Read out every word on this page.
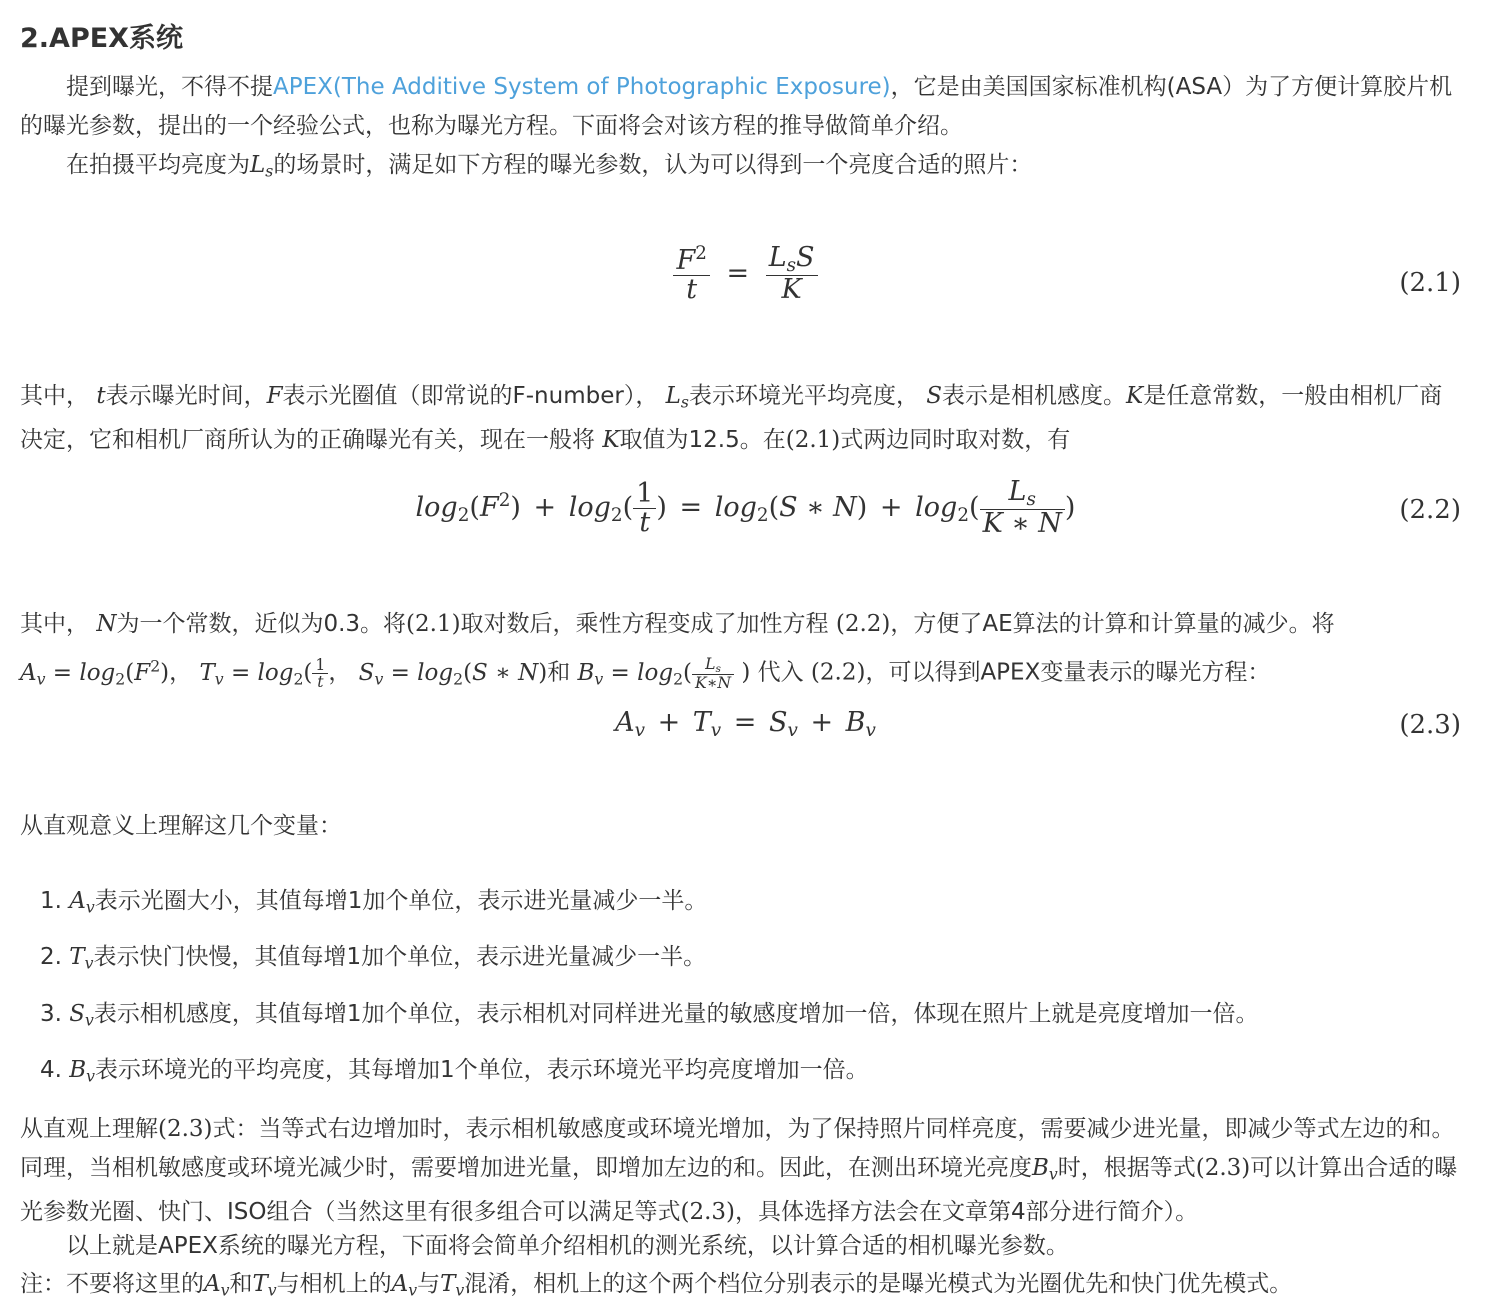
2.APEX系统

提到曝光，不得不提APEX(The Additive System of Photographic Exposure)，它是由美国国家标准机构(ASA）为了方便计算胶片机的曝光参数，提出的一个经验公式，也称为曝光方程。下面将会对该方程的推导做简单介绍。

在拍摄平均亮度为$L_s$的场景时，满足如下方程的曝光参数，认为可以得到一个亮度合适的照片：

$\frac{F^2}{t} = \frac{L_sS}{K}$	(2.1)

其中， t表示曝光时间，F表示光圈值（即常说的F-number）， $L_s$表示环境光平均亮度， S表示是相机感度。K是任意常数，一般由相机厂商决定，它和相机厂商所认为的正确曝光有关，现在一般将 K取值为12.5。在(2.1)式两边同时取对数，有

$\log 2(F^2) + \log 2( \frac{1}{t}$ ) = log2(S ∗ $N) + \log 2( \frac{L_s}{K ∗ N}$ )	(2.2)

其中， N为一个常数，近似为0.3。将(2.1)取对数后，乘性方程变成了加性方程 (2.2)，方便了AE算法的计算和计算量的减少。将
$A_v = \log 2(F^2)$， $T_v = \log 2( \frac{1}{t}$ ， $S_v = \log 2(S$ ∗ N)和 $B_v = \log 2( \frac{L_s}{K∗N}$ ) 代入 (2.2)，可以得到APEX变量表示的曝光方程：

$A_v + T_v = S_v + B_v$	(2.3)

从直观意义上理解这几个变量：

1. $A_v$表示光圈大小，其值每增1加个单位，表示进光量减少一半。
2. $T_v$表示快门快慢，其值每增1加个单位，表示进光量减少一半。
3. $S_v$表示相机感度，其值每增1加个单位，表示相机对同样进光量的敏感度增加一倍，体现在照片上就是亮度增加一倍。
4. $B_v$表示环境光的平均亮度，其每增加1个单位，表示环境光平均亮度增加一倍。

从直观上理解(2.3)式：当等式右边增加时，表示相机敏感度或环境光增加，为了保持照片同样亮度，需要减少进光量，即减少等式左边的和。同理，当相机敏感度或环境光减少时，需要增加进光量，即增加左边的和。因此，在测出环境光亮度$B_v$时，根据等式(2.3)可以计算出合适的曝光参数光圈、快门、ISO组合（当然这里有很多组合可以满足等式(2.3)，具体选择方法会在文章第4部分进行简介）。

以上就是APEX系统的曝光方程，下面将会简单介绍相机的测光系统，以计算合适的相机曝光参数。

注：不要将这里的$A_v$和$T_v$与相机上的$A_v$与$T_v$混淆，相机上的这个两个档位分别表示的是曝光模式为光圈优先和快门优先模式。
